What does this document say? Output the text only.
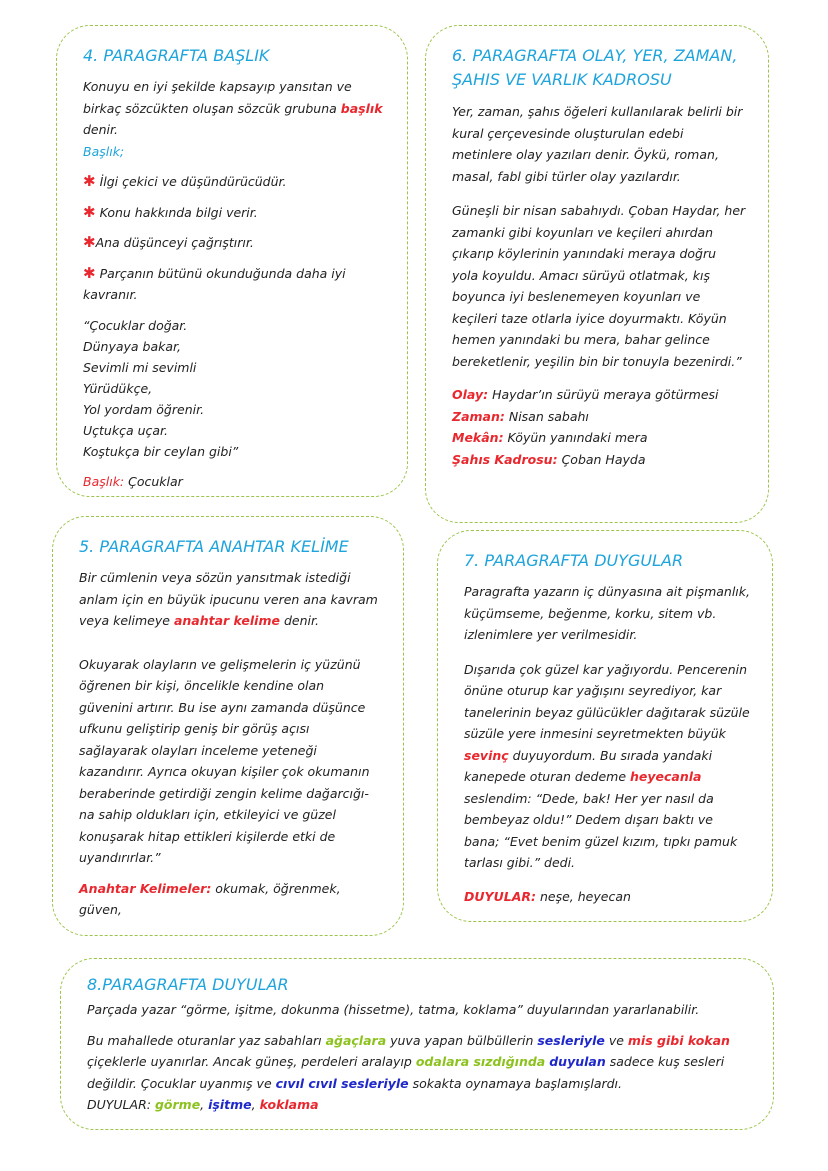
4. PARAGRAFTA BAŞLIK

Konuyu en iyi şekilde kapsayıp yansıtan ve birkaç sözcükten oluşan sözcük grubuna başlık denir.

Başlık;

✱ İlgi çekici ve düşündürücüdür.

✱ Konu hakkında bilgi verir.

✱Ana düşünceyi çağrıştırır.

✱ Parçanın bütünü okunduğunda daha iyi kavranır.

“Çocuklar doğar.

Dünyaya bakar,

Sevimli mi sevimli

Yürüdükçe,

Yol yordam öğrenir.

Uçtukça uçar.

Koştukça bir ceylan gibi”

Başlık: Çocuklar

6. PARAGRAFTA OLAY, YER, ZAMAN, ŞAHIS VE VARLIK KADROSU

Yer, zaman, şahıs öğeleri kullanılarak belirli bir kural çerçevesinde oluşturulan edebi metinlere olay yazıları denir. Öykü, roman, masal, fabl gibi türler olay yazılardır.

Güneşli bir nisan sabahıydı. Çoban Haydar, her zamanki gibi koyunları ve keçileri ahırdan çıkarıp köylerinin yanındaki meraya doğru yola koyuldu. Amacı sürüyü otlatmak, kış boyunca iyi beslenemeyen koyunları ve keçileri taze otlarla iyice doyurmaktı. Köyün hemen yanındaki bu mera, bahar gelince bereketlenir, yeşilin bin bir tonuyla bezenirdi.”

Olay: Haydar’ın sürüyü meraya götürmesi

Zaman: Nisan sabahı

Mekân: Köyün yanındaki mera

Şahıs Kadrosu: Çoban Hayda

5. PARAGRAFTA ANAHTAR KELİME

Bir cümlenin veya sözün yansıtmak istediği anlam için en büyük ipucunu veren ana kavram veya kelimeye anahtar kelime denir.

Okuyarak olayların ve gelişmelerin iç yüzünü öğrenen bir kişi, öncelikle kendine olan güvenini artırır. Bu ise aynı zamanda düşünce ufkunu geliştirip geniş bir görüş açısı sağlayarak olayları inceleme yeteneği kazandırır. Ayrıca okuyan kişiler çok okumanın beraberinde getirdiği zengin kelime dağarcığı-na sahip oldukları için, etkileyici ve güzel konuşarak hitap ettikleri kişilerde etki de uyandırırlar.”

Anahtar Kelimeler: okumak, öğrenmek, güven,

7. PARAGRAFTA DUYGULAR

Paragrafta yazarın iç dünyasına ait pişmanlık, küçümseme, beğenme, korku, sitem vb. izlenimlere yer verilmesidir.

Dışarıda çok güzel kar yağıyordu. Pencerenin önüne oturup kar yağışını seyrediyor, kar tanelerinin beyaz gülücükler dağıtarak süzüle süzüle yere inmesini seyretmekten büyük sevinç duyuyordum. Bu sırada yandaki kanepede oturan dedeme heyecanla seslendim: “Dede, bak! Her yer nasıl da bembeyaz oldu!” Dedem dışarı baktı ve bana; “Evet benim güzel kızım, tıpkı pamuk tarlası gibi.” dedi.

DUYULAR: neşe, heyecan

8.PARAGRAFTA DUYULAR

Parçada yazar “görme, işitme, dokunma (hissetme), tatma, koklama” duyularından yararlanabilir.

Bu mahallede oturanlar yaz sabahları ağaçlara yuva yapan bülbüllerin sesleriyle ve mis gibi kokan çiçeklerle uyanırlar. Ancak güneş, perdeleri aralayıp odalara sızdığında duyulan sadece kuş sesleri değildir. Çocuklar uyanmış ve cıvıl cıvıl sesleriyle sokakta oynamaya başlamışlardı.

DUYULAR: görme, işitme, koklama
